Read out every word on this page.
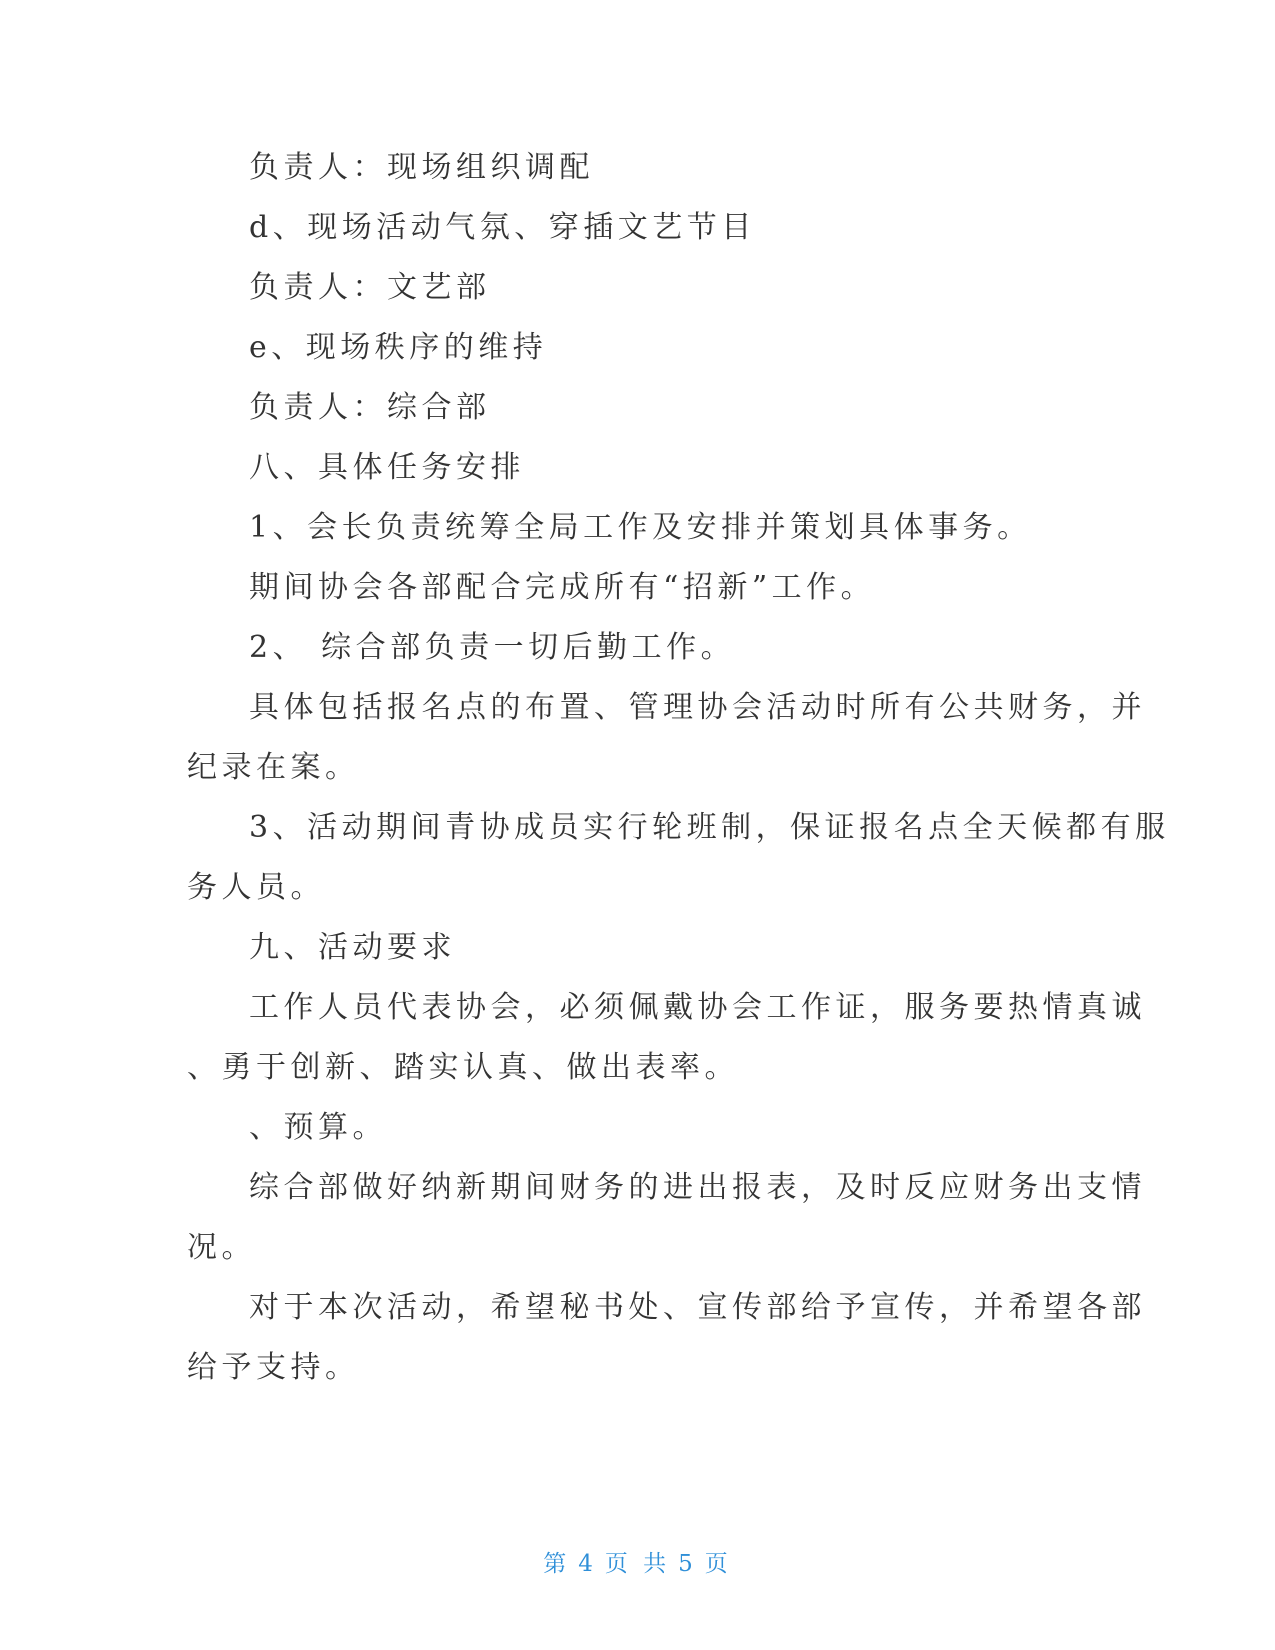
负责人：现场组织调配
d、现场活动气氛、穿插文艺节目
负责人：文艺部
e、现场秩序的维持
负责人：综合部
八、具体任务安排
1、会长负责统筹全局工作及安排并策划具体事务。
期间协会各部配合完成所有“招新”工作。
2、 综合部负责一切后勤工作。
具体包括报名点的布置、管理协会活动时所有公共财务，并
纪录在案。
3、活动期间青协成员实行轮班制，保证报名点全天候都有服
务人员。
九、活动要求
工作人员代表协会，必须佩戴协会工作证，服务要热情真诚
、勇于创新、踏实认真、做出表率。
、预算。
综合部做好纳新期间财务的进出报表，及时反应财务出支情
况。
对于本次活动，希望秘书处、宣传部给予宣传，并希望各部
给予支持。
第 4 页 共 5 页
